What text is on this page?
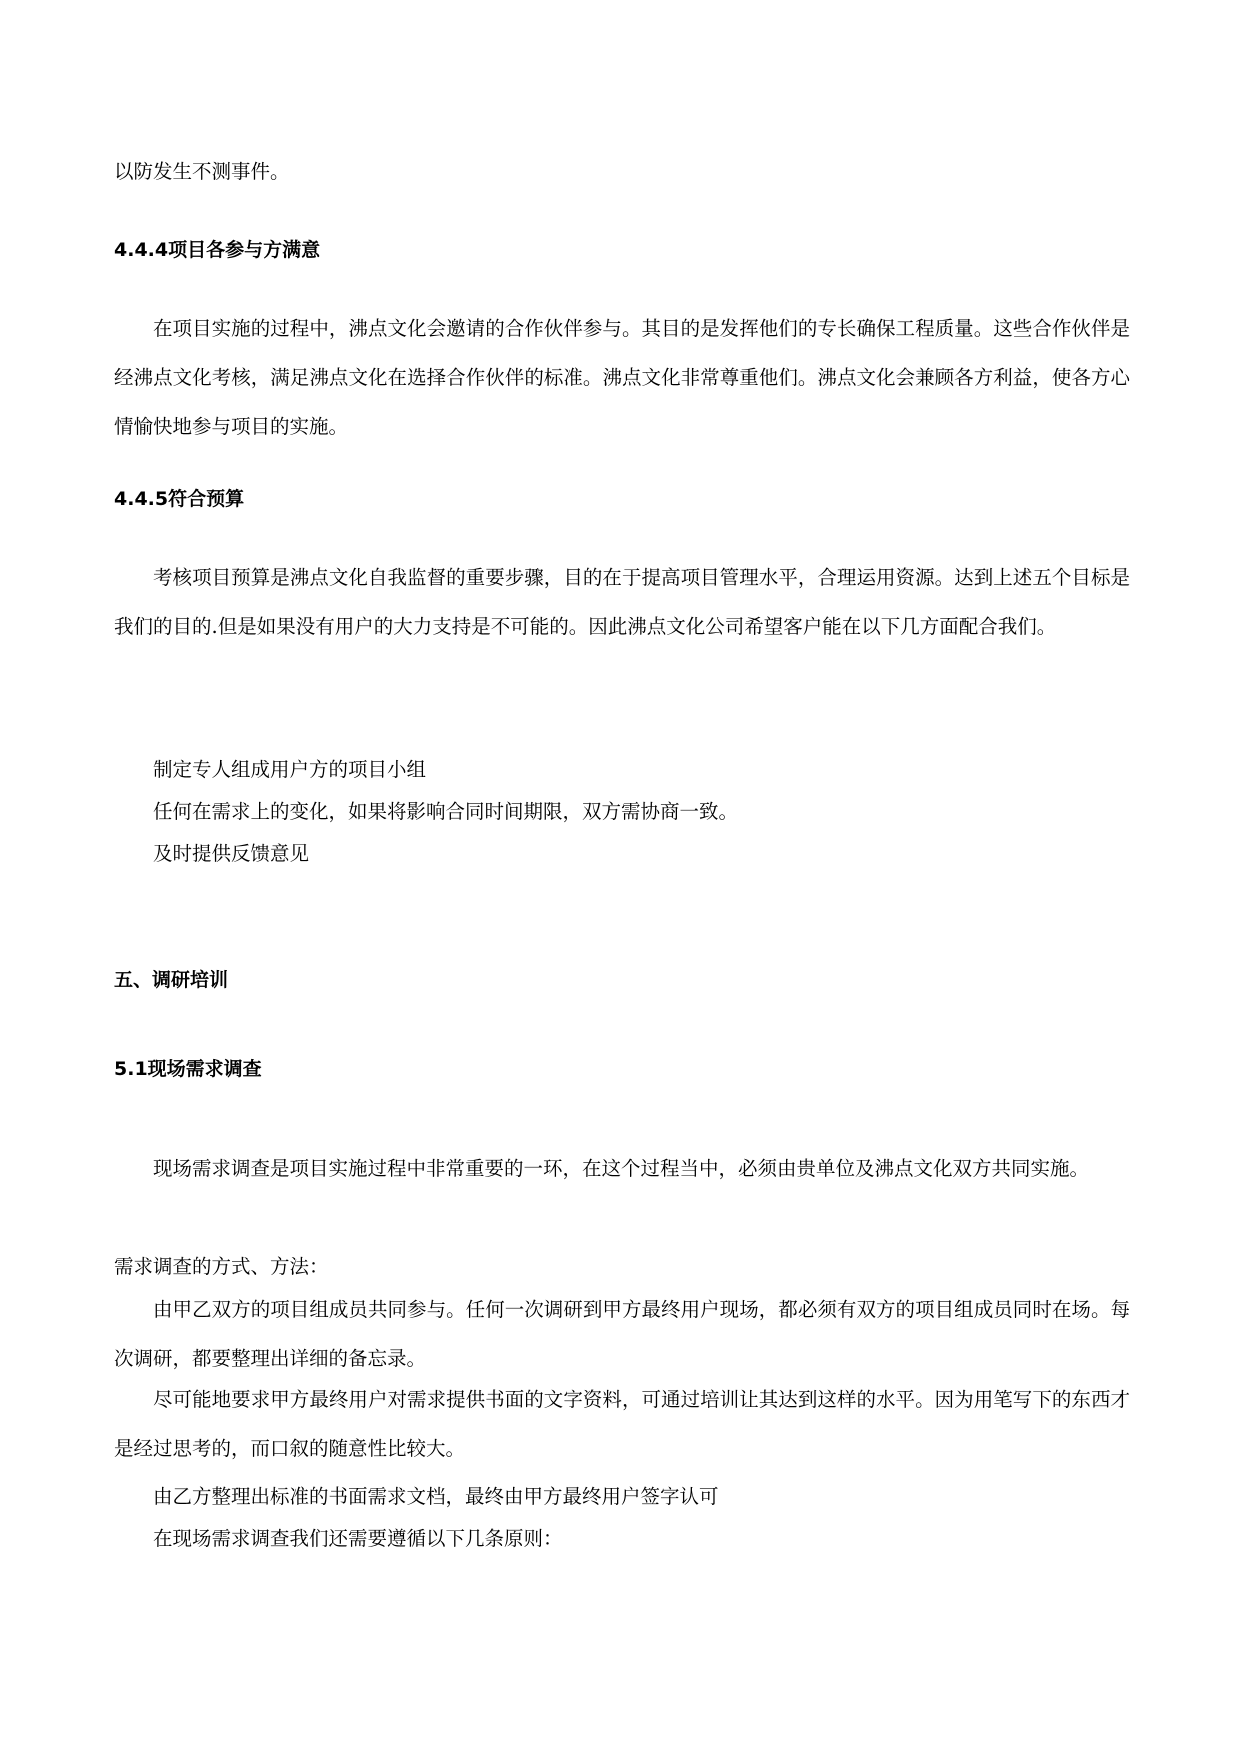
以防发生不测事件。
4.4.4项目各参与方满意
在项目实施的过程中，沸点文化会邀请的合作伙伴参与。其目的是发挥他们的专长确保工程质量。这些合作伙伴是经沸点文化考核，满足沸点文化在选择合作伙伴的标准。沸点文化非常尊重他们。沸点文化会兼顾各方利益，使各方心情愉快地参与项目的实施。
4.4.5符合预算
考核项目预算是沸点文化自我监督的重要步骤，目的在于提高项目管理水平，合理运用资源。达到上述五个目标是我们的目的.但是如果没有用户的大力支持是不可能的。因此沸点文化公司希望客户能在以下几方面配合我们。
制定专人组成用户方的项目小组
任何在需求上的变化，如果将影响合同时间期限，双方需协商一致。
及时提供反馈意见
五、调研培训
5.1现场需求调查
现场需求调查是项目实施过程中非常重要的一环，在这个过程当中，必须由贵单位及沸点文化双方共同实施。
需求调查的方式、方法：
由甲乙双方的项目组成员共同参与。任何一次调研到甲方最终用户现场，都必须有双方的项目组成员同时在场。每次调研，都要整理出详细的备忘录。
尽可能地要求甲方最终用户对需求提供书面的文字资料，可通过培训让其达到这样的水平。因为用笔写下的东西才是经过思考的，而口叙的随意性比较大。
由乙方整理出标准的书面需求文档，最终由甲方最终用户签字认可
在现场需求调查我们还需要遵循以下几条原则：
